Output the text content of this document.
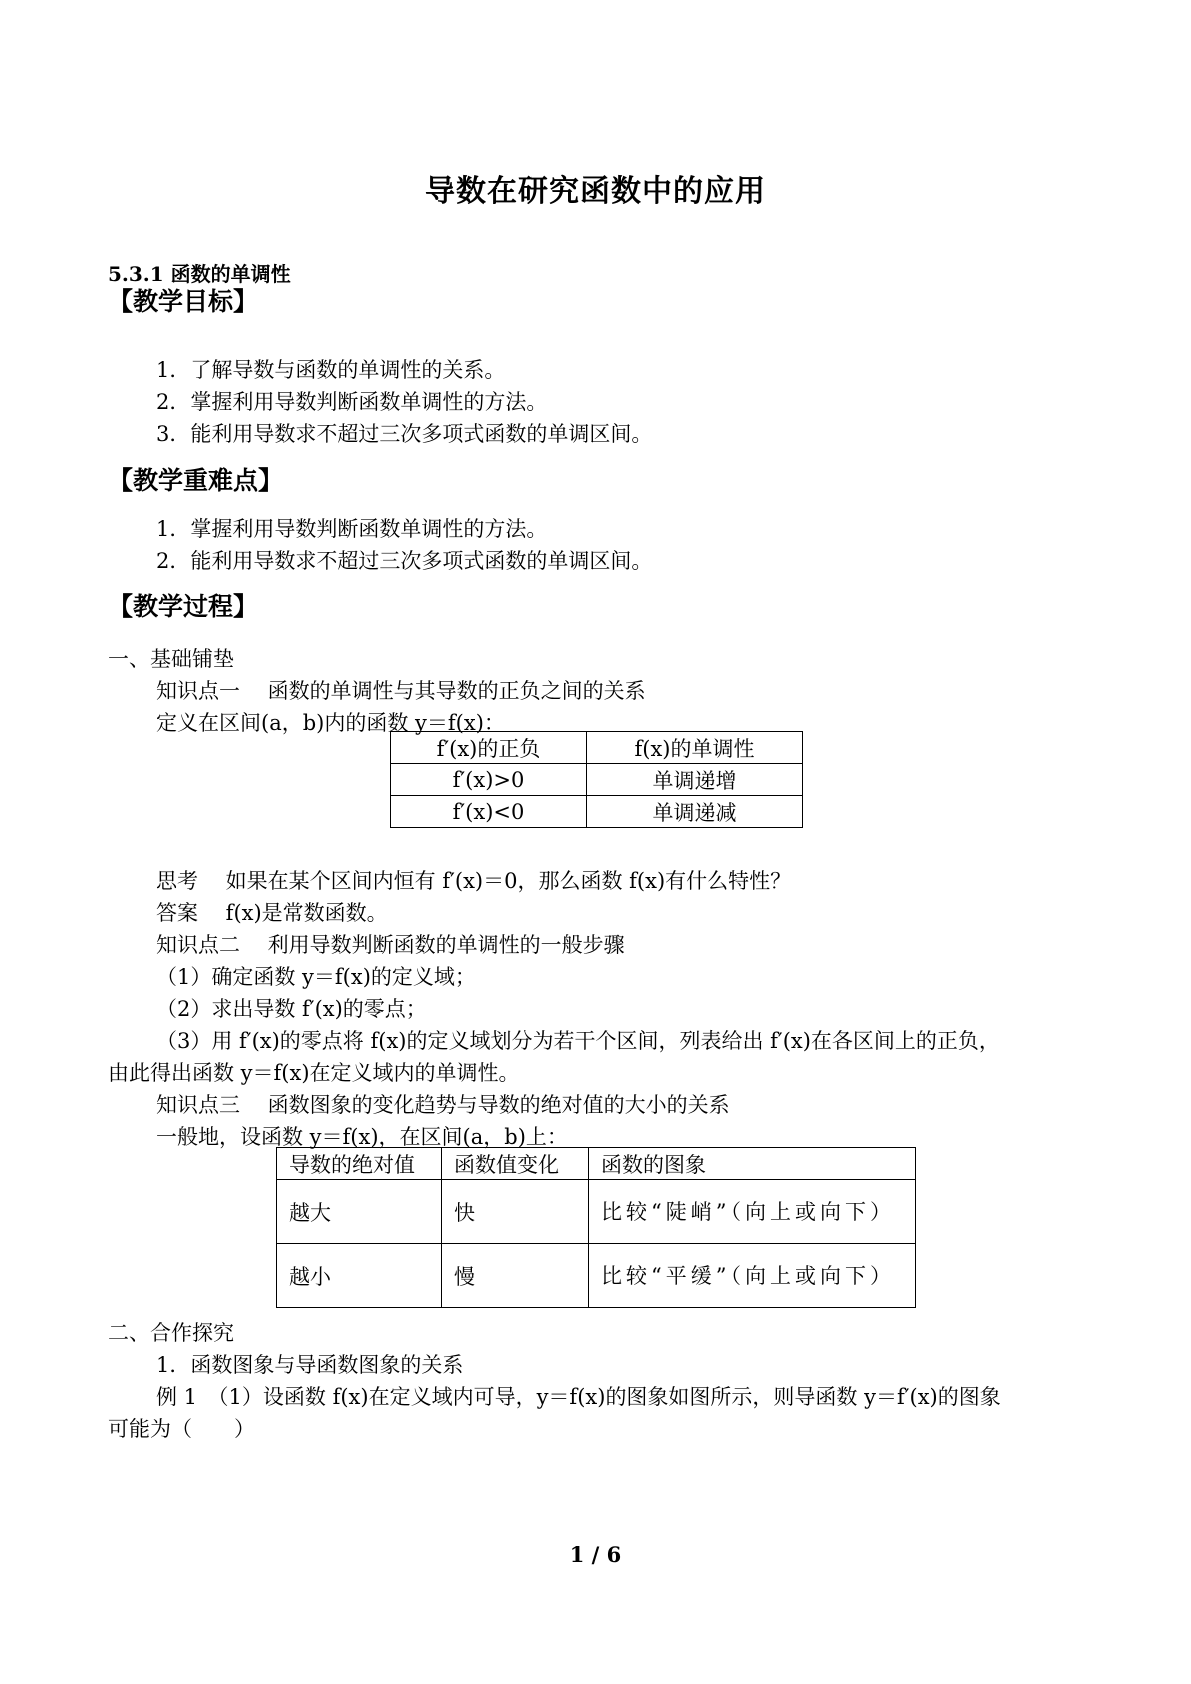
导数在研究函数中的应用
5.3.1 函数的单调性
【教学目标】
1．了解导数与函数的单调性的关系。
2．掌握利用导数判断函数单调性的方法。
3．能利用导数求不超过三次多项式函数的单调区间。
【教学重难点】
1．掌握利用导数判断函数单调性的方法。
2．能利用导数求不超过三次多项式函数的单调区间。
【教学过程】
一、基础铺垫
知识点一　 函数的单调性与其导数的正负之间的关系
定义在区间(a，b)内的函数 y＝f(x)：
f′(x)的正负	f(x)的单调性
f′(x)>0	单调递增
f′(x)<0	单调递减
思考　 如果在某个区间内恒有 f′(x)＝0，那么函数 f(x)有什么特性？
答案　 f(x)是常数函数。
知识点二　 利用导数判断函数的单调性的一般步骤
（1）确定函数 y＝f(x)的定义域；
（2）求出导数 f′(x)的零点；
（3）用 f′(x)的零点将 f(x)的定义域划分为若干个区间，列表给出 f′(x)在各区间上的正负，
由此得出函数 y＝f(x)在定义域内的单调性。
知识点三　 函数图象的变化趋势与导数的绝对值的大小的关系
一般地，设函数 y＝f(x)，在区间(a，b)上：
导数的绝对值	函数值变化	函数的图象
越大	快	比较“陡峭”（向上或向下）
越小	慢	比较“平缓”（向上或向下）
二、合作探究
1．函数图象与导函数图象的关系
例 1　（1）设函数 f(x)在定义域内可导，y＝f(x)的图象如图所示，则导函数 y＝f′(x)的图象
可能为（　　）
1 / 6
